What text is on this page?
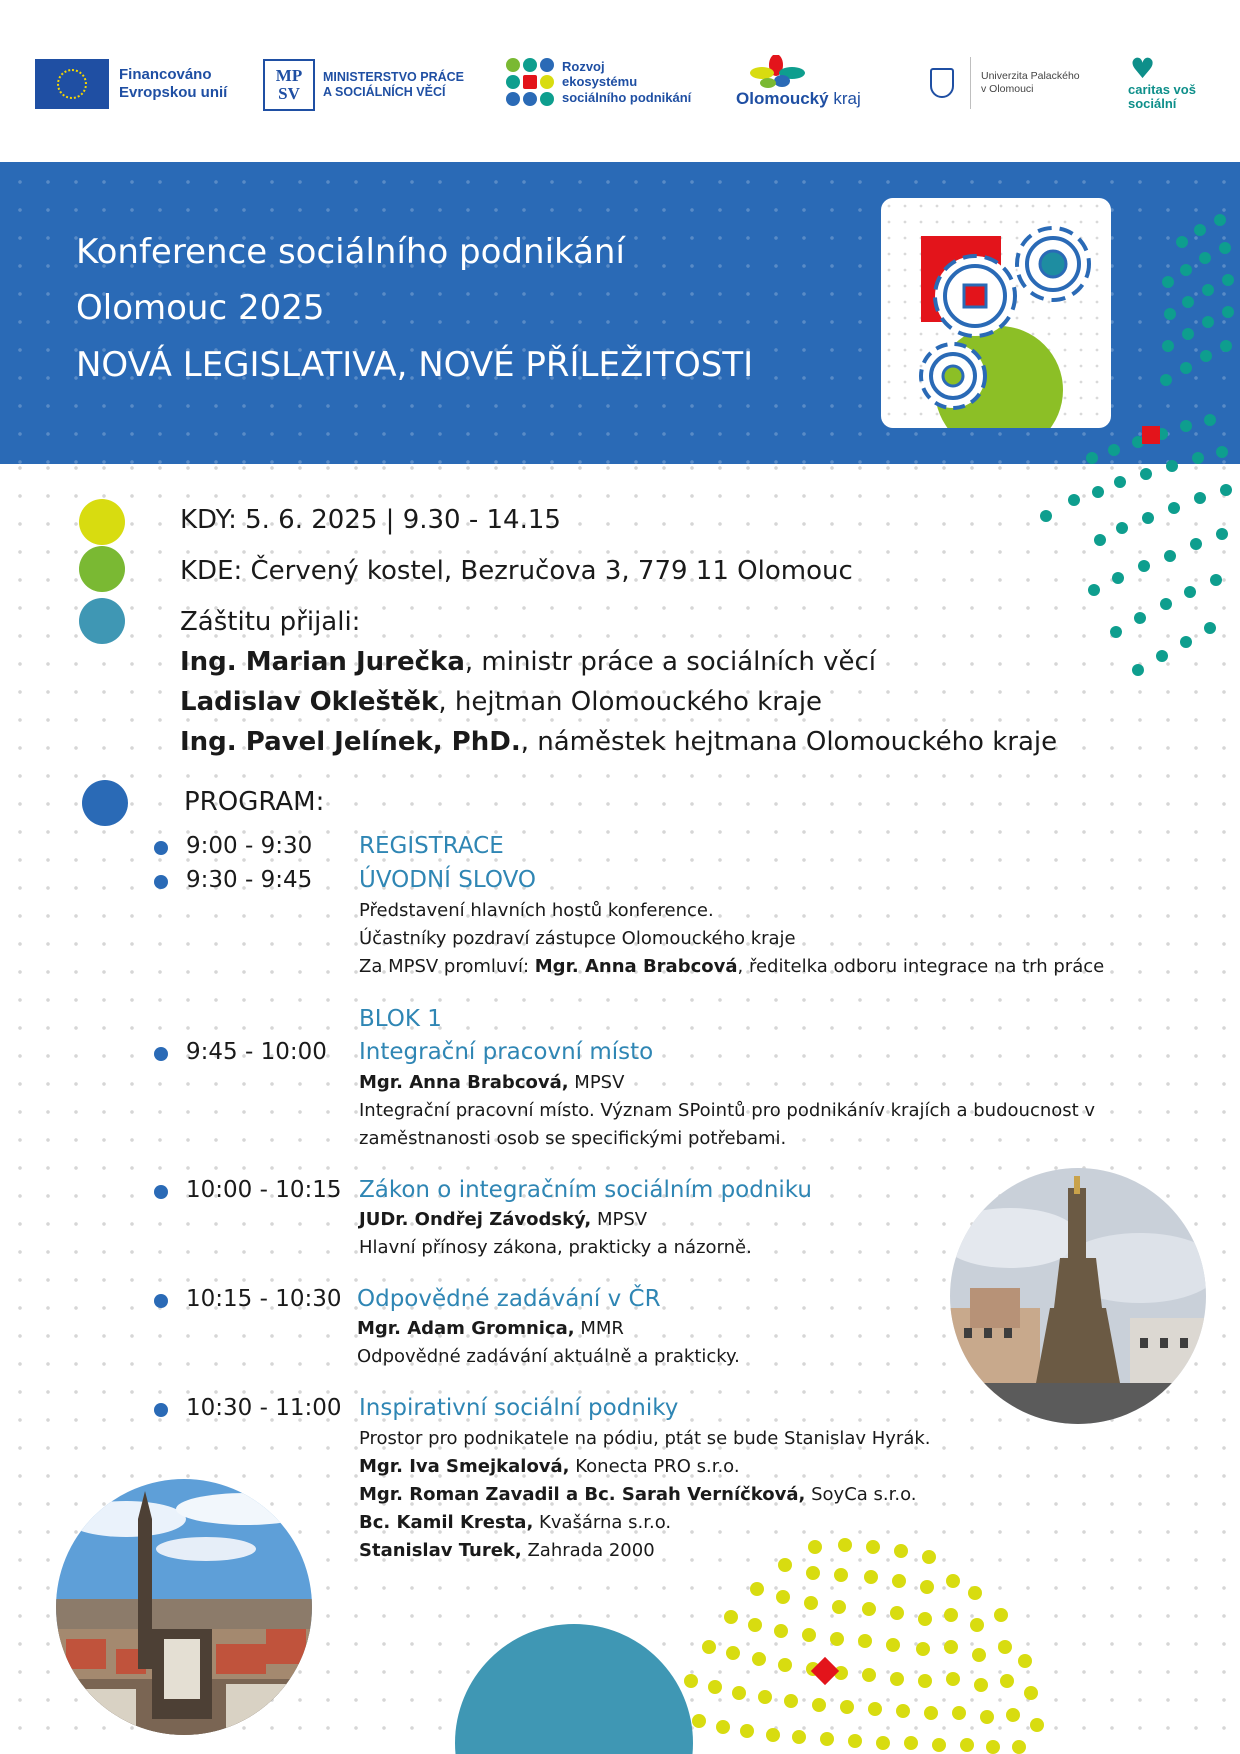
Financováno
Evropskou unií
MP
SV
MINISTERSTVO PRÁCE
A SOCIÁLNÍCH VĚCÍ
Rozvoj
ekosystému
sociálního podnikání	Olomoucký kraj
Univerzita Palackého
v Olomouci
♥
caritas voš
sociální
Konference sociálního podnikání
Olomouc 2025
NOVÁ LEGISLATIVA, NOVÉ PŘÍLEŽITOSTI
KDY: 5. 6. 2025 | 9.30 - 14.15
KDE: Červený kostel, Bezručova 3, 779 11 Olomouc
Záštitu přijali:
Ing. Marian Jurečka, ministr práce a sociálních věcí
Ladislav Okleštěk, hejtman Olomouckého kraje
Ing. Pavel Jelínek, PhD., náměstek hejtmana Olomouckého kraje
PROGRAM:
9:00 - 9:30 REGISTRACE
9:30 - 9:45 ÚVODNÍ SLOVO
Představení hlavních hostů konference.
Účastníky pozdraví zástupce Olomouckého kraje
Za MPSV promluví: Mgr. Anna Brabcová, ředitelka odboru integrace na trh práce
BLOK 1
9:45 - 10:00 Integrační pracovní místo
Mgr. Anna Brabcová, MPSV
Integrační pracovní místo. Význam SPointů pro podnikánív krajích a budoucnost v
zaměstnanosti osob se specifickými potřebami.
10:00 - 10:15 Zákon o integračním sociálním podniku
JUDr. Ondřej Závodský, MPSV
Hlavní přínosy zákona, prakticky a názorně.
10:15 - 10:30 Odpovědné zadávání v ČR
Mgr. Adam Gromnica, MMR
Odpovědné zadávání aktuálně a prakticky.
10:30 - 11:00 Inspirativní sociální podniky
Prostor pro podnikatele na pódiu, ptát se bude Stanislav Hyrák.
Mgr. Iva Smejkalová, Konecta PRO s.r.o.
Mgr. Roman Zavadil a Bc. Sarah Verníčková, SoyCa s.r.o.
Bc. Kamil Kresta, Kvašárna s.r.o.
Stanislav Turek, Zahrada 2000
